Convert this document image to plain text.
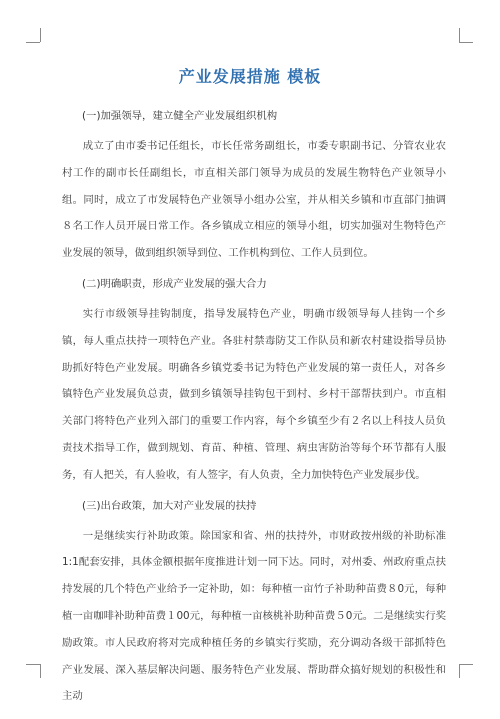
产业发展措施 模板

(一)加强领导，建立健全产业发展组织机构

成立了由市委书记任组长，市长任常务副组长，市委专职副书记、分管农业农村工作的副市长任副组长，市直相关部门领导为成员的发展生物特色产业领导小组。同时，成立了市发展特色产业领导小组办公室，并从相关乡镇和市直部门抽调８名工作人员开展日常工作。各乡镇成立相应的领导小组，切实加强对生物特色产业发展的领导，做到组织领导到位、工作机构到位、工作人员到位。

(二)明确职责，形成产业发展的强大合力

实行市级领导挂钩制度，指导发展特色产业，明确市级领导每人挂钩一个乡镇，每人重点扶持一项特色产业。各驻村禁毒防艾工作队员和新农村建设指导员协助抓好特色产业发展。明确各乡镇党委书记为特色产业发展的第一责任人，对各乡镇特色产业发展负总责，做到乡镇领导挂钩包干到村、乡村干部帮扶到户。市直相关部门将特色产业列入部门的重要工作内容，每个乡镇至少有２名以上科技人员负责技术指导工作，做到规划、育苗、种植、管理、病虫害防治等每个环节都有人服务，有人把关，有人验收，有人签字，有人负责，全力加快特色产业发展步伐。

(三)出台政策，加大对产业发展的扶持

一是继续实行补助政策。除国家和省、州的扶持外，市财政按州级的补助标准1:1配套安排，具体金额根据年度推进计划一同下达。同时，对州委、州政府重点扶持发展的几个特色产业给予一定补助，如：每种植一亩竹子补助种苗费８0元，每种植一亩咖啡补助种苗费１00元，每种植一亩核桃补助种苗费５0元。二是继续实行奖励政策。市人民政府将对完成种植任务的乡镇实行奖励，充分调动各级干部抓特色产业发展、深入基层解决问题、服务特色产业发展、帮助群众搞好规划的积极性和主动
